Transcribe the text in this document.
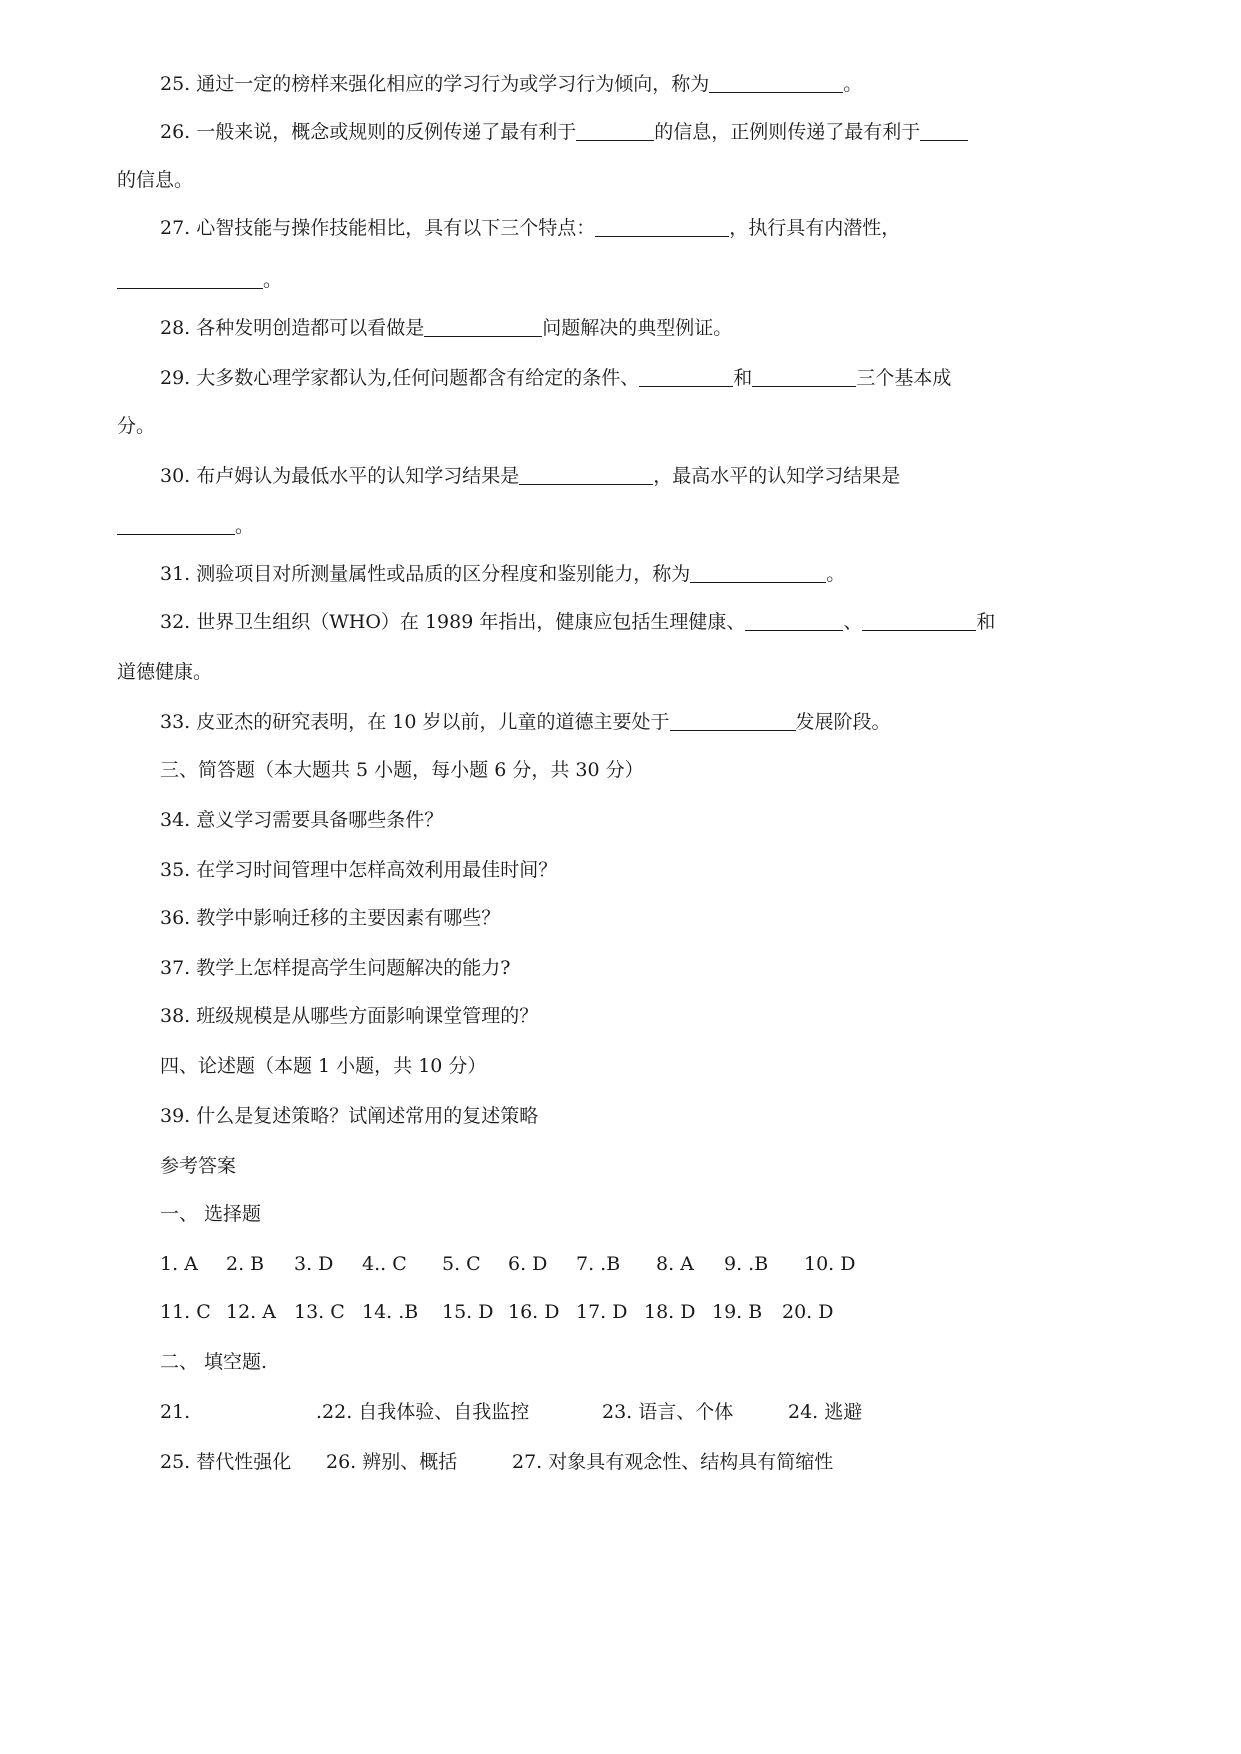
25. 通过一定的榜样来强化相应的学习行为或学习行为倾向，称为	。
26. 一般来说，概念或规则的反例传递了最有利于	的信息，正例则传递了最有利于
的信息。
27. 心智技能与操作技能相比，具有以下三个特点：	，执行具有内潜性，
。
28. 各种发明创造都可以看做是	问题解决的典型例证。
29. 大多数心理学家都认为,任何问题都含有给定的条件、	和	三个基本成
分。
30. 布卢姆认为最低水平的认知学习结果是	，最高水平的认知学习结果是
。
31. 测验项目对所测量属性或品质的区分程度和鉴别能力，称为	。
32. 世界卫生组织（WHO）在 1989 年指出，健康应包括生理健康、	、	和
道德健康。
33. 皮亚杰的研究表明，在 10 岁以前，儿童的道德主要处于	发展阶段。
三、简答题（本大题共 5 小题，每小题 6 分，共 30 分）
34. 意义学习需要具备哪些条件？
35. 在学习时间管理中怎样高效利用最佳时间？
36. 教学中影响迁移的主要因素有哪些？
37. 教学上怎样提高学生问题解决的能力?
38. 班级规模是从哪些方面影响课堂管理的？
四、论述题（本题 1 小题，共 10 分）
39. 什么是复述策略？试阐述常用的复述策略
参考答案
一、 选择题
1. A 2. B 3. D 4.. C 5. C 6. D 7. .B 8. A 9. .B 10. D
11. C 12. A 13. C 14. .B 15. D 16. D 17. D 18. D 19. B 20. D
二、 填空题.
21.	.22. 自我体验、自我监控	23. 语言、个体	24. 逃避
25. 替代性强化 26. 辨别、概括	27. 对象具有观念性、结构具有简缩性
